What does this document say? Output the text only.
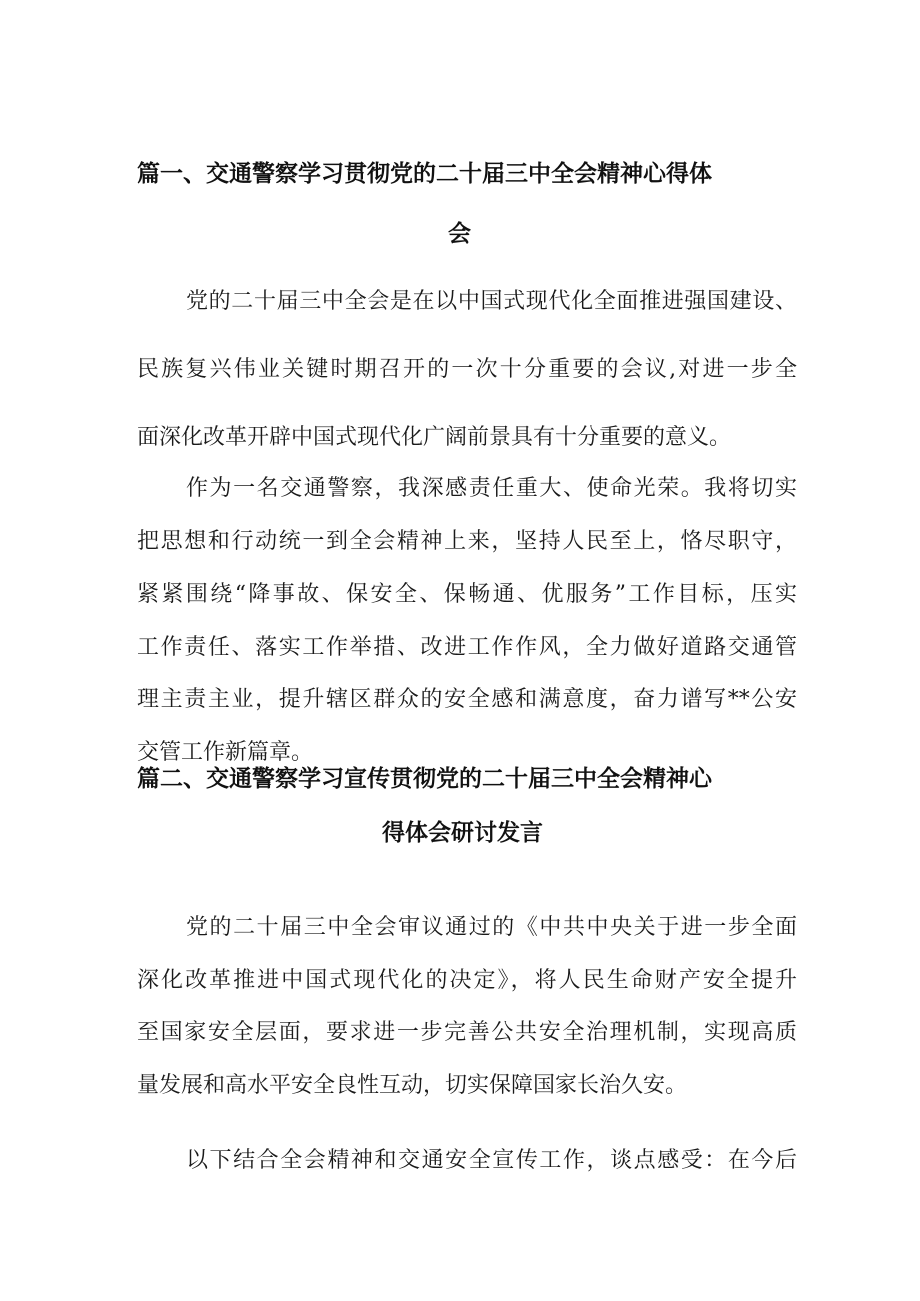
篇一、交通警察学习贯彻党的二十届三中全会精神心得体
会
党的二十届三中全会是在以中国式现代化全面推进强国建设、
民族复兴伟业关键时期召开的一次十分重要的会议,对进一步全
面深化改革开辟中国式现代化广阔前景具有十分重要的意义。
作为一名交通警察，我深感责任重大、使命光荣。我将切实
把思想和行动统一到全会精神上来，坚持人民至上，恪尽职守，
紧紧围绕“降事故、保安全、保畅通、优服务”工作目标，压实
工作责任、落实工作举措、改进工作作风，全力做好道路交通管
理主责主业，提升辖区群众的安全感和满意度，奋力谱写**公安
交管工作新篇章。
篇二、交通警察学习宣传贯彻党的二十届三中全会精神心
得体会研讨发言
党的二十届三中全会审议通过的《中共中央关于进一步全面
深化改革推进中国式现代化的决定》，将人民生命财产安全提升
至国家安全层面，要求进一步完善公共安全治理机制，实现高质
量发展和高水平安全良性互动，切实保障国家长治久安。
以下结合全会精神和交通安全宣传工作，谈点感受：在今后
